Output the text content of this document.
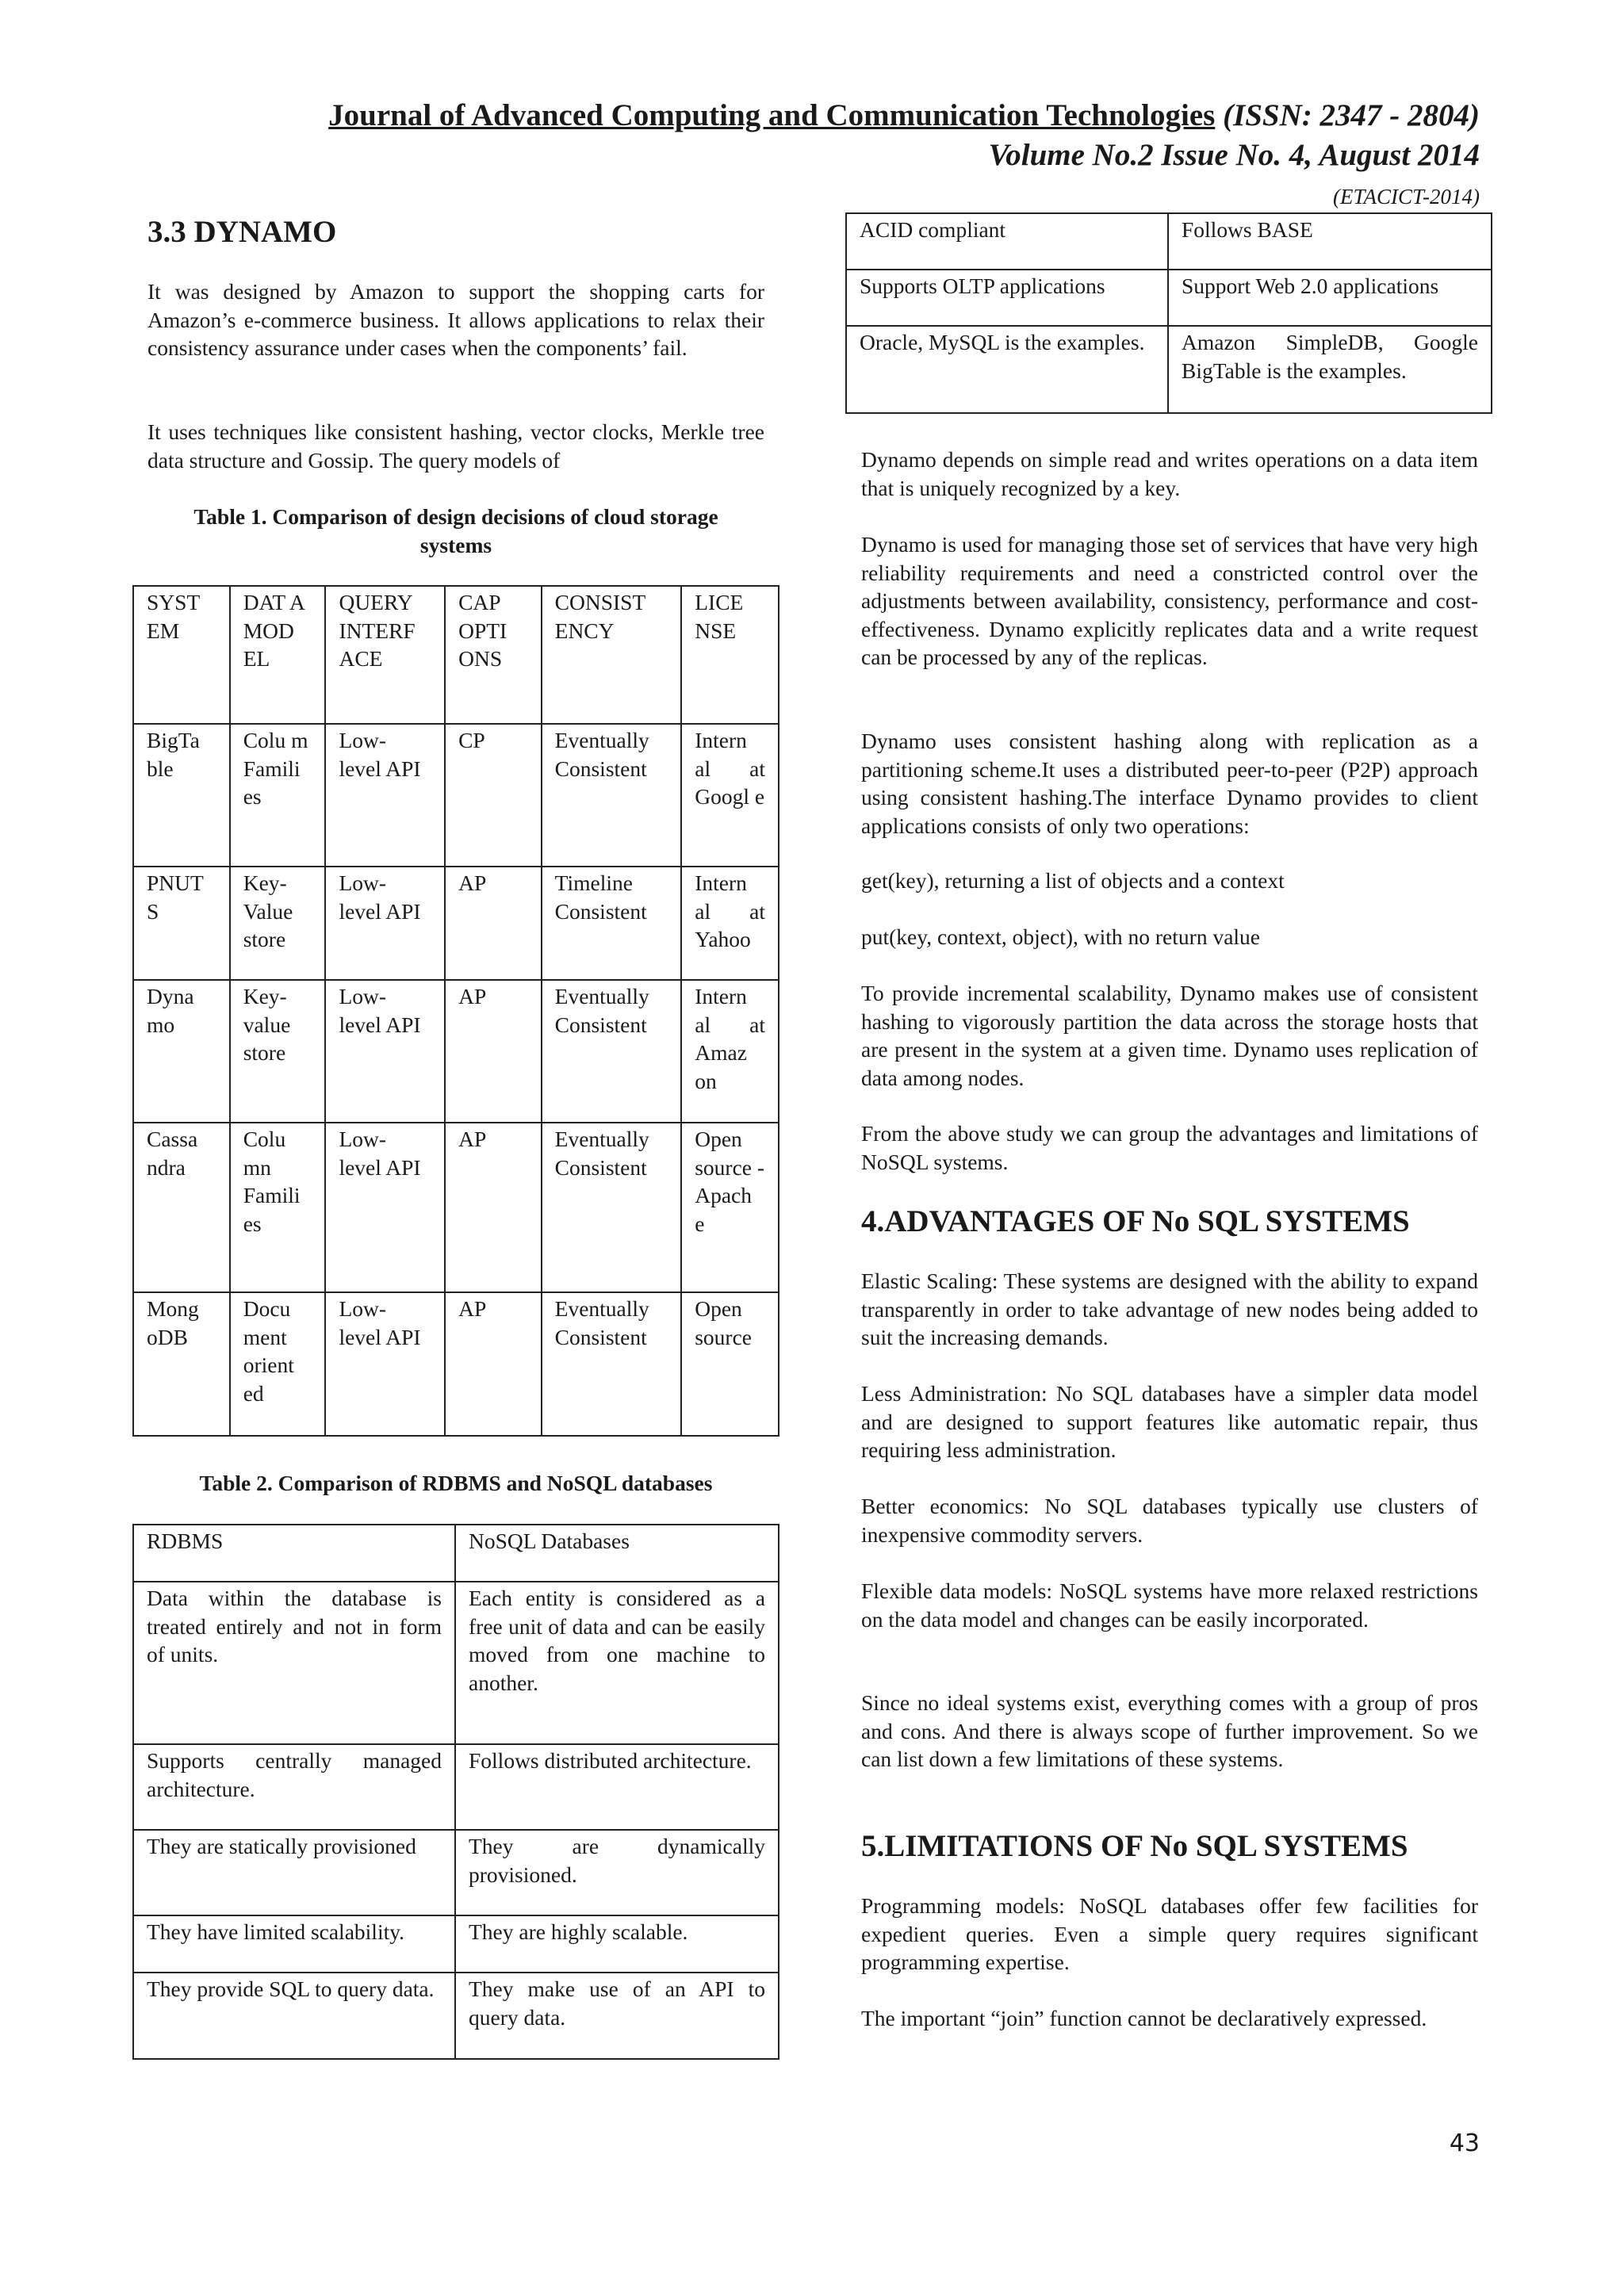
Journal of Advanced Computing and Communication Technologies (ISSN: 2347 - 2804)
Volume No.2 Issue No. 4, August 2014
(ETACICT-2014)
3.3 DYNAMO

It was designed by Amazon to support the shopping carts for Amazon’s e-commerce business. It allows applications to relax their consistency assurance under cases when the components’ fail.

It uses techniques like consistent hashing, vector clocks, Merkle tree data structure and Gossip. The query models of

Table 1. Comparison of design decisions of cloud storage systems
SYST EM	DAT A MOD EL	QUERY INTERF ACE	CAP OPTI ONS	CONSIST ENCY	LICE NSE
BigTa ble	Colu m Famili es	Low- level API	CP	Eventually Consistent	Intern al at Googl e
PNUT S	Key- Value store	Low- level API	AP	Timeline Consistent	Intern al at Yahoo
Dyna mo	Key- value store	Low- level API	AP	Eventually Consistent	Intern al at Amaz on
Cassa ndra	Colu mn Famili es	Low- level API	AP	Eventually Consistent	Open source - Apach e
Mong oDB	Docu ment orient ed	Low- level API	AP	Eventually Consistent	Open source
Table 2. Comparison of RDBMS and NoSQL databases
RDBMS	NoSQL Databases
Data within the database is treated entirely and not in form of units.	Each entity is considered as a free unit of data and can be easily moved from one machine to another.
Supports centrally managed architecture.	Follows distributed architecture.
They are statically provisioned	They are dynamically provisioned.
They have limited scalability.	They are highly scalable.
They provide SQL to query data.	They make use of an API to query data.
ACID compliant	Follows BASE
Supports OLTP applications	Support Web 2.0 applications
Oracle, MySQL is the examples.	Amazon SimpleDB, Google BigTable is the examples.

Dynamo depends on simple read and writes operations on a data item that is uniquely recognized by a key.

Dynamo is used for managing those set of services that have very high reliability requirements and need a constricted control over the adjustments between availability, consistency, performance and cost-effectiveness. Dynamo explicitly replicates data and a write request can be processed by any of the replicas.

Dynamo uses consistent hashing along with replication as a partitioning scheme.It uses a distributed peer-to-peer (P2P) approach using consistent hashing.The interface Dynamo provides to client applications consists of only two operations:

get(key), returning a list of objects and a context

put(key, context, object), with no return value

To provide incremental scalability, Dynamo makes use of consistent hashing to vigorously partition the data across the storage hosts that are present in the system at a given time. Dynamo uses replication of data among nodes.

From the above study we can group the advantages and limitations of NoSQL systems.

4.ADVANTAGES OF No SQL SYSTEMS

Elastic Scaling: These systems are designed with the ability to expand transparently in order to take advantage of new nodes being added to suit the increasing demands.

Less Administration: No SQL databases have a simpler data model and are designed to support features like automatic repair, thus requiring less administration.

Better economics: No SQL databases typically use clusters of inexpensive commodity servers.

Flexible data models: NoSQL systems have more relaxed restrictions on the data model and changes can be easily incorporated.

Since no ideal systems exist, everything comes with a group of pros and cons. And there is always scope of further improvement. So we can list down a few limitations of these systems.

5.LIMITATIONS OF No SQL SYSTEMS

Programming models: NoSQL databases offer few facilities for expedient queries. Even a simple query requires significant programming expertise.

The important “join” function cannot be declaratively expressed.

43
